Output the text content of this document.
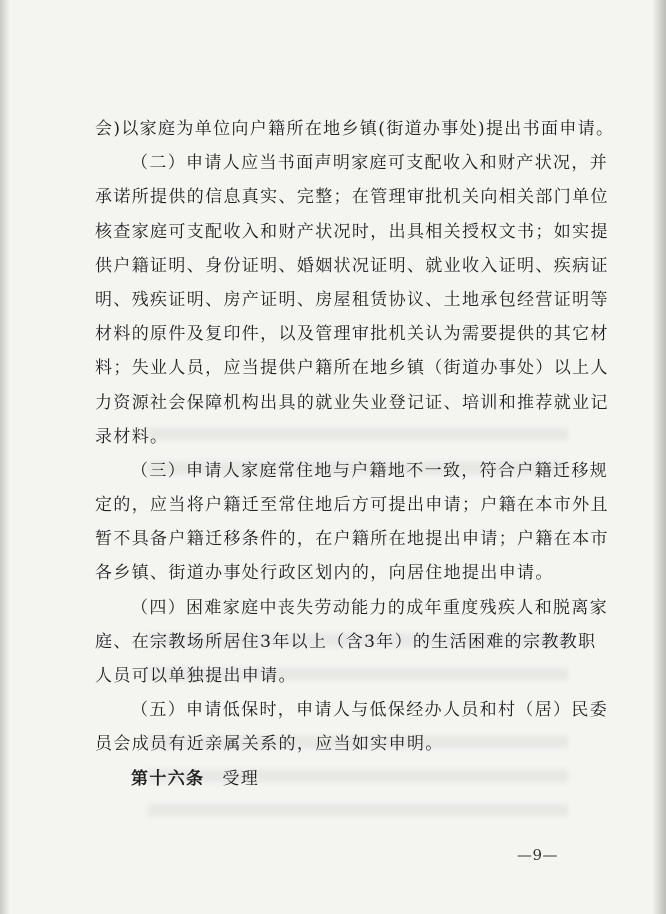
会)以家庭为单位向户籍所在地乡镇(街道办事处)提出书面申请。
（二）申请人应当书面声明家庭可支配收入和财产状况，并
承诺所提供的信息真实、完整；在管理审批机关向相关部门单位
核查家庭可支配收入和财产状况时，出具相关授权文书；如实提
供户籍证明、身份证明、婚姻状况证明、就业收入证明、疾病证
明、残疾证明、房产证明、房屋租赁协议、土地承包经营证明等
材料的原件及复印件，以及管理审批机关认为需要提供的其它材
料；失业人员，应当提供户籍所在地乡镇（街道办事处）以上人
力资源社会保障机构出具的就业失业登记证、培训和推荐就业记
录材料。
（三）申请人家庭常住地与户籍地不一致，符合户籍迁移规
定的，应当将户籍迁至常住地后方可提出申请；户籍在本市外且
暂不具备户籍迁移条件的，在户籍所在地提出申请；户籍在本市
各乡镇、街道办事处行政区划内的，向居住地提出申请。
（四）困难家庭中丧失劳动能力的成年重度残疾人和脱离家
庭、在宗教场所居住3年以上（含3年）的生活困难的宗教教职
人员可以单独提出申请。
（五）申请低保时，申请人与低保经办人员和村（居）民委
员会成员有近亲属关系的，应当如实申明。
第十六条 受理
—9—
